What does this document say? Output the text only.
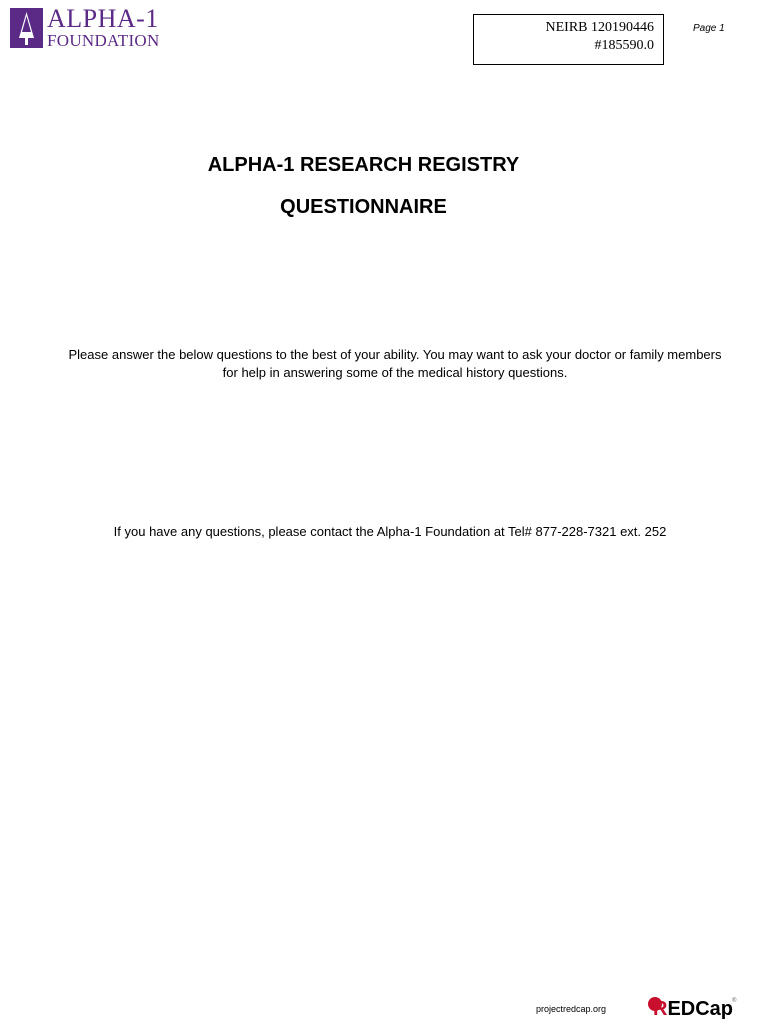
ALPHA-1
FOUNDATION
NEIRB 120190446
#185590.0
Page 1
ALPHA-1 RESEARCH REGISTRY
QUESTIONNAIRE
Please answer the below questions to the best of your ability. You may want to ask your doctor or family members for help in answering some of the medical history questions.
If you have any questions, please contact the Alpha-1 Foundation at Tel# 877-228-7321 ext. 252
projectredcap.org REDCap
®
